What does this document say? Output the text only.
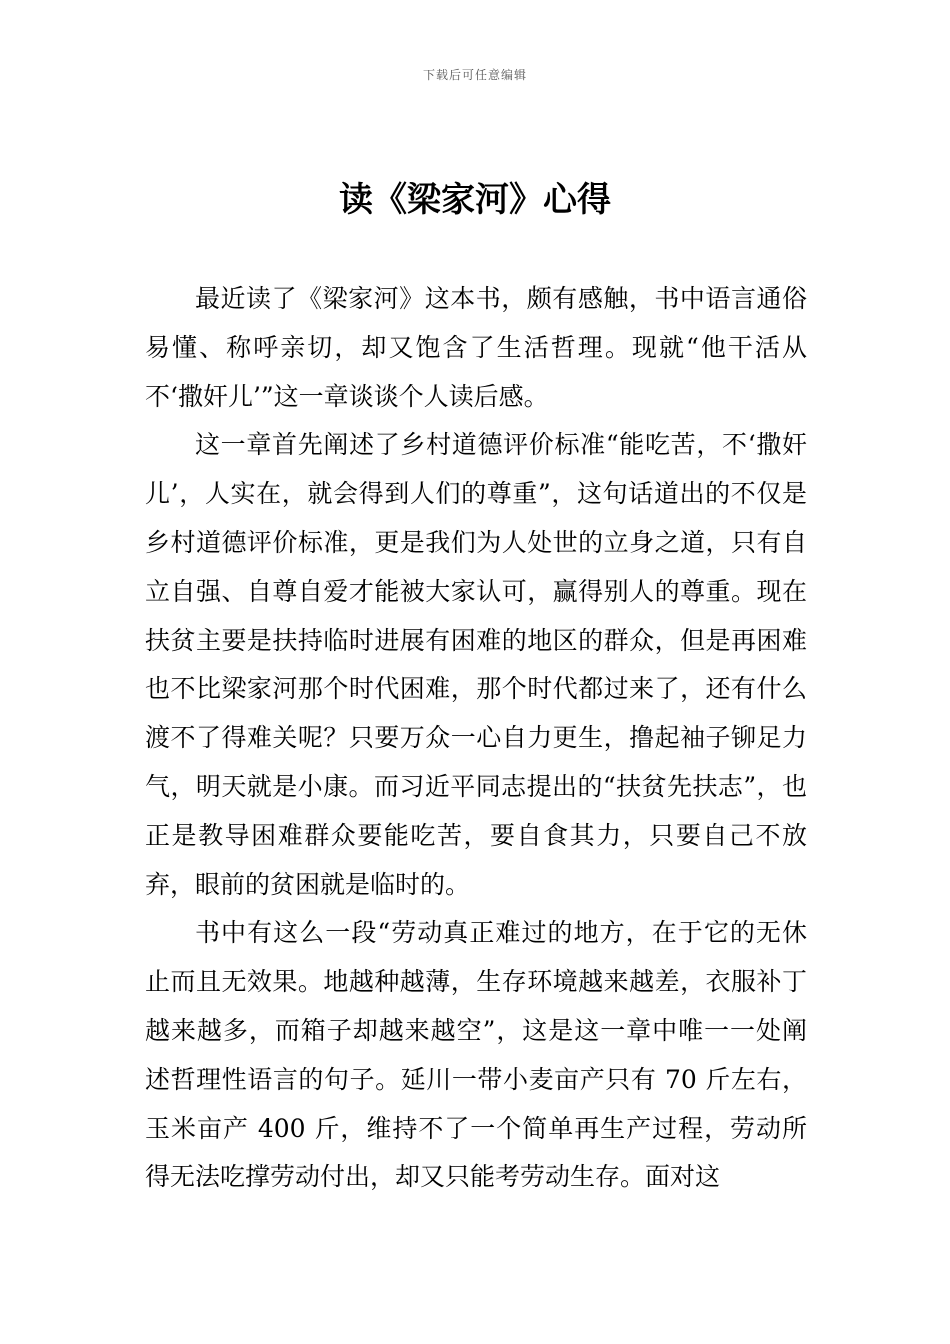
下载后可任意编辑
读《梁家河》心得

最近读了《梁家河》这本书，颇有感触，书中语言通俗易懂、称呼亲切，却又饱含了生活哲理。现就“他干活从不‘撒奸儿’”这一章谈谈个人读后感。

这一章首先阐述了乡村道德评价标准“能吃苦，不‘撒奸儿’，人实在，就会得到人们的尊重”，这句话道出的不仅是乡村道德评价标准，更是我们为人处世的立身之道，只有自立自强、自尊自爱才能被大家认可，赢得别人的尊重。现在扶贫主要是扶持临时进展有困难的地区的群众，但是再困难也不比梁家河那个时代困难，那个时代都过来了，还有什么渡不了得难关呢？只要万众一心自力更生，撸起袖子铆足力气，明天就是小康。而习近平同志提出的“扶贫先扶志”，也正是教导困难群众要能吃苦，要自食其力，只要自己不放弃，眼前的贫困就是临时的。

书中有这么一段“劳动真正难过的地方，在于它的无休止而且无效果。地越种越薄，生存环境越来越差，衣服补丁越来越多，而箱子却越来越空”，这是这一章中唯一一处阐述哲理性语言的句子。延川一带小麦亩产只有 70 斤左右，玉米亩产 400 斤，维持不了一个简单再生产过程，劳动所得无法吃撑劳动付出，却又只能考劳动生存。面对这
